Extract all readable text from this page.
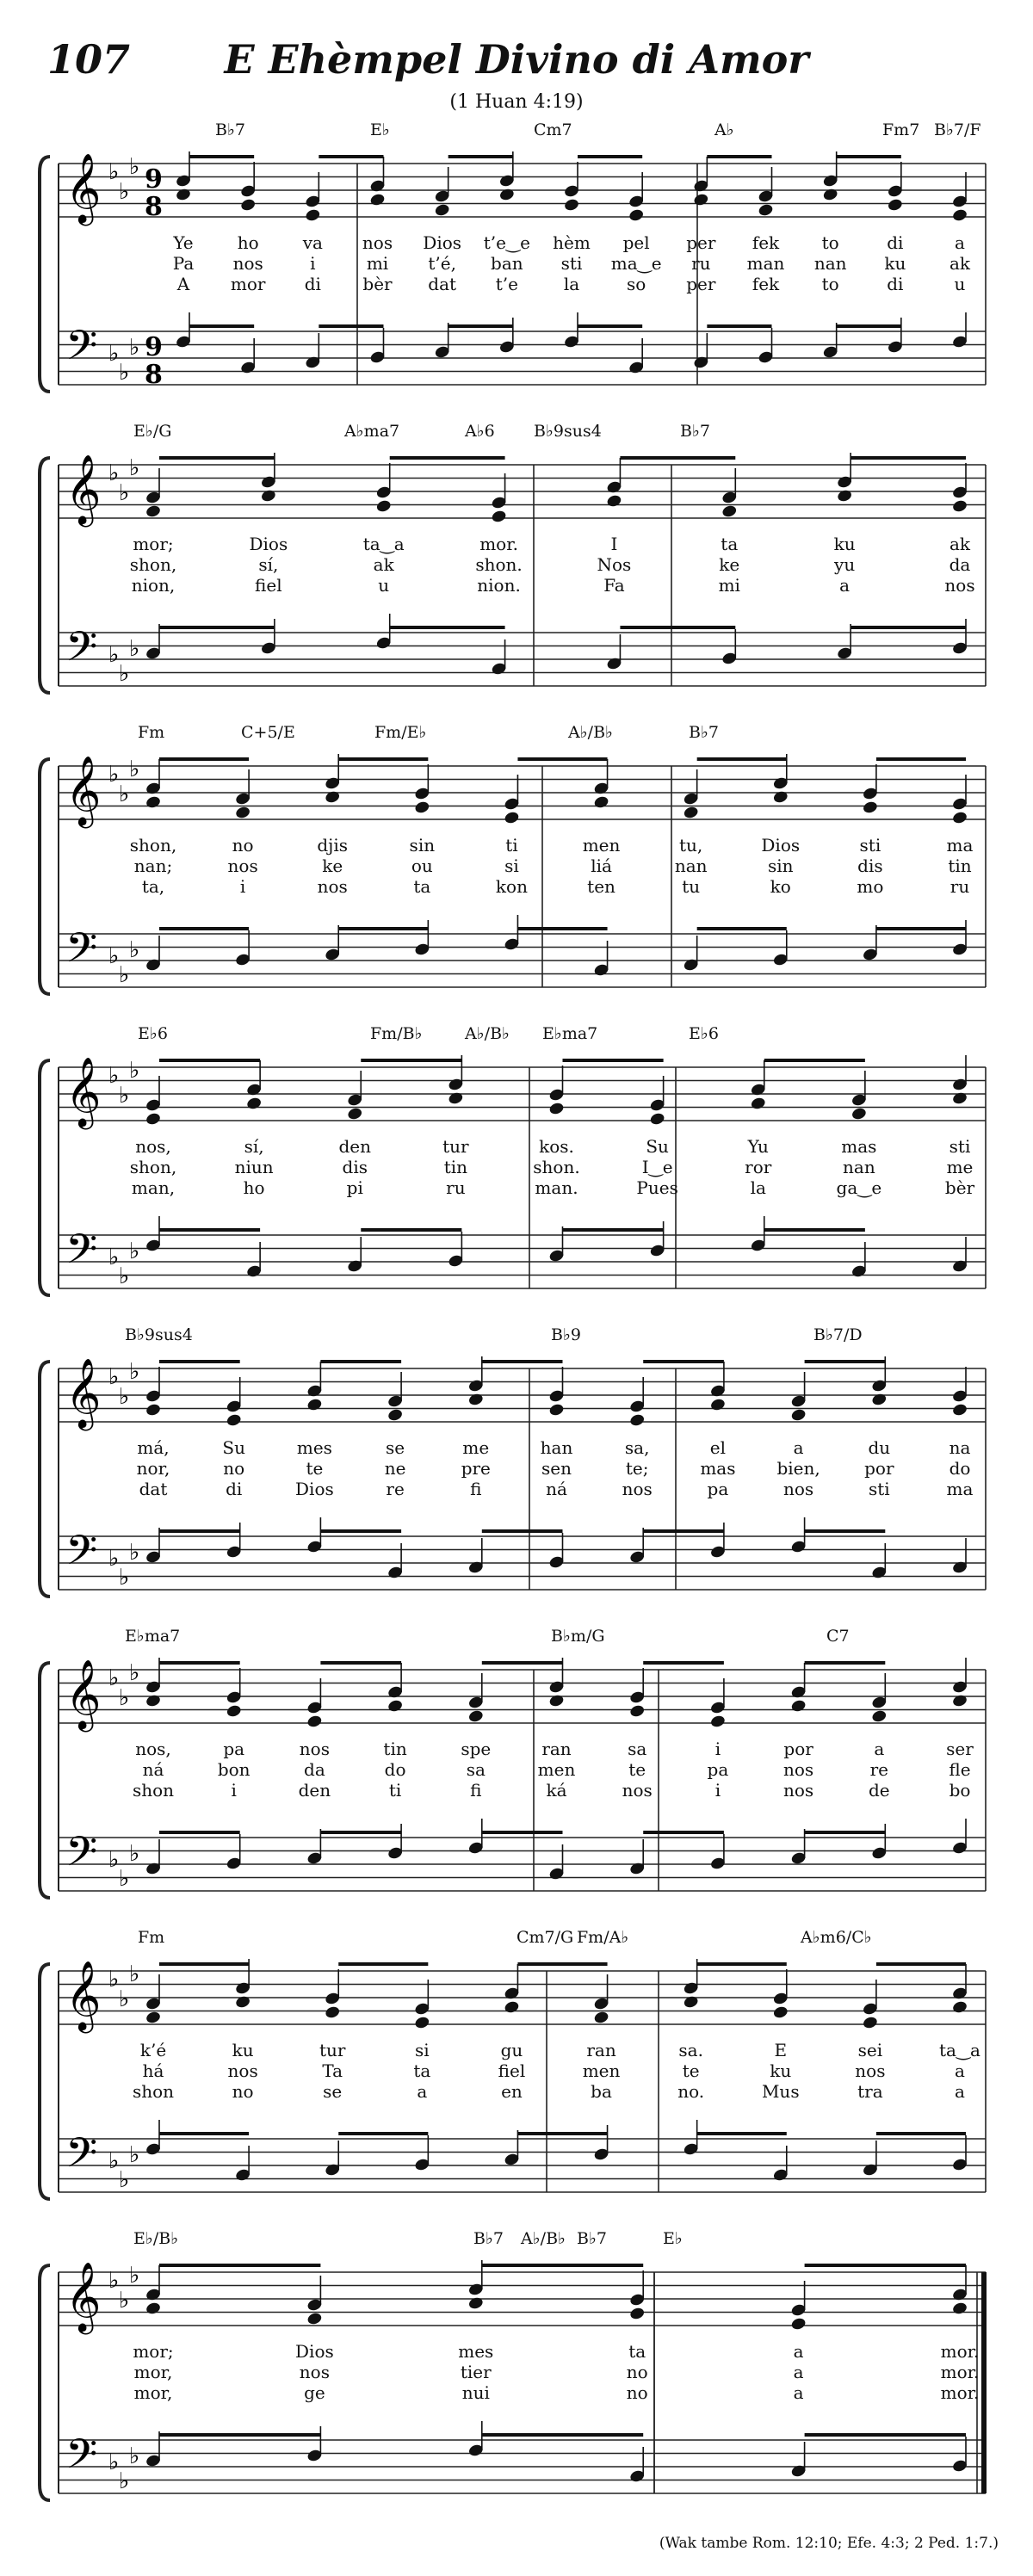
107	E Ehèmpel Divino di Amor
(1 Huan 4:19)
𝄞
𝄢
♭
♭
♭
♭
♭
♭
9
8
9
8
B♭7	E♭	Cm7	A♭	Fm7 B♭7/F
Ye	ho	va nos Dios t’e‿e hèm pel per fek to	di	a
Pa nos	i	mi t’é, ban sti ma‿e ru man nan ku	ak
A mor di bèr dat t’e	la	so per fek to	di	u
𝄞
𝄢
♭
♭
♭
♭
♭
♭
E♭/G	A♭ma7	A♭6 B♭9sus4	B♭7
mor;	Dios	ta‿a	mor.	I	ta	ku	ak
shon,	sí,	ak	shon.	Nos	ke	yu	da
nion,	fiel	u	nion.	Fa	mi	a	nos
𝄞
𝄢
♭
♭
♭
♭
♭
♭
Fm	C+5/E	Fm/E♭	A♭/B♭	B♭7
shon,	no	djis	sin	ti	men	tu,	Dios	sti	ma
nan;	nos	ke	ou	si	liá	nan	sin	dis	tin
ta,	i	nos	ta	kon	ten	tu	ko	mo	ru
𝄞
𝄢
♭
♭
♭
♭
♭
♭
E♭6	Fm/B♭	A♭/B♭ E♭ma7	E♭6
nos,	sí,	den	tur	kos.	Su	Yu	mas	sti
shon,	niun	dis	tin	shon.	I‿e	ror	nan	me
man,	ho	pi	ru	man.	Pues	la	ga‿e	bèr
𝄞
𝄢
♭
♭
♭
♭
♭
♭
B♭9sus4	B♭9	B♭7/D
má,	Su	mes	se	me	han	sa,	el	a	du	na
nor,	no	te	ne	pre	sen	te;	mas bien,	por	do
dat	di	Dios	re	fi	ná	nos	pa	nos	sti	ma
𝄞
𝄢
♭
♭
♭
♭
♭
♭
E♭ma7	B♭m/G	C7
nos,	pa	nos	tin	spe	ran	sa	i	por	a	ser
ná	bon	da	do	sa	men	te	pa	nos	re	fle
shon	i	den	ti	fi	ká	nos	i	nos	de	bo
𝄞
𝄢
♭
♭
♭
♭
♭
♭
Fm	Cm7/G Fm/A♭	A♭m6/C♭
k’é	ku	tur	si	gu	ran	sa.	E	sei	ta‿a
há	nos	Ta	ta	fiel	men	te	ku	nos	a
shon	no	se	a	en	ba	no.	Mus	tra	a
𝄞
𝄢
♭
♭
♭
♭
♭
♭
E♭/B♭	B♭7 A♭/B♭ B♭7	E♭
mor;	Dios	mes	ta	a	mor.
mor,	nos	tier	no	a	mor.
mor,	ge	nui	no	a	mor.
(Wak tambe Rom. 12:10; Efe. 4:3; 2 Ped. 1:7.)
